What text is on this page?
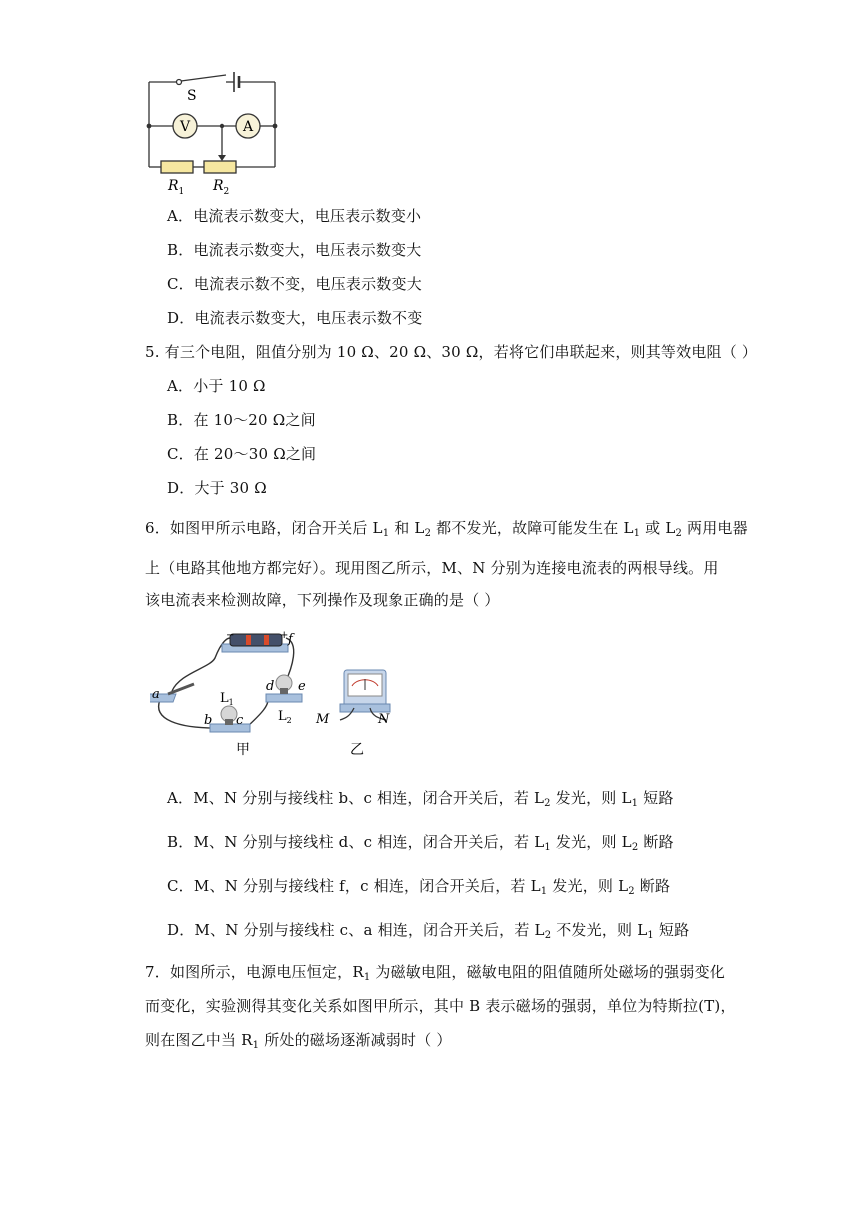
S
V	A
$R_1$ $R_2$
A．电流表示数变大，电压表示数变小
B．电流表示数变大，电压表示数变大
C．电流表示数不变，电压表示数变大
D．电流表示数变大，电压表示数不变
5. 有三个电阻，阻值分别为 10 Ω、20 Ω、30 Ω，若将它们串联起来，则其等效电阻（ ）
A．小于 10 Ω
B．在 10～20 Ω之间
C．在 20～30 Ω之间
D．大于 30 Ω
6．如图甲所示电路，闭合开关后 $L_1$ 和 $L_2$ 都不发光，故障可能发生在 $L_1$ 或 $L_2$ 两用电器
上（电路其他地方都完好）。现用图乙所示，M、N 分别为连接电流表的两根导线。用
该电流表来检测故障，下列操作及现象正确的是（ ）
−	+ f
a	$L_1$
b c
d e
$L_2$
甲
M	N
乙
A．M、N 分别与接线柱 b、c 相连，闭合开关后，若 $L_2$ 发光，则 $L_1$ 短路
B．M、N 分别与接线柱 d、c 相连，闭合开关后，若 $L_1$ 发光，则 $L_2$ 断路
C．M、N 分别与接线柱 f，c 相连，闭合开关后，若 $L_1$ 发光，则 $L_2$ 断路
D．M、N 分别与接线柱 c、a 相连，闭合开关后，若 $L_2$ 不发光，则 $L_1$ 短路
7．如图所示，电源电压恒定，$R_1$ 为磁敏电阻，磁敏电阻的阻值随所处磁场的强弱变化
而变化，实验测得其变化关系如图甲所示，其中 B 表示磁场的强弱，单位为特斯拉(T)，
则在图乙中当 $R_1$ 所处的磁场逐渐减弱时（ ）
